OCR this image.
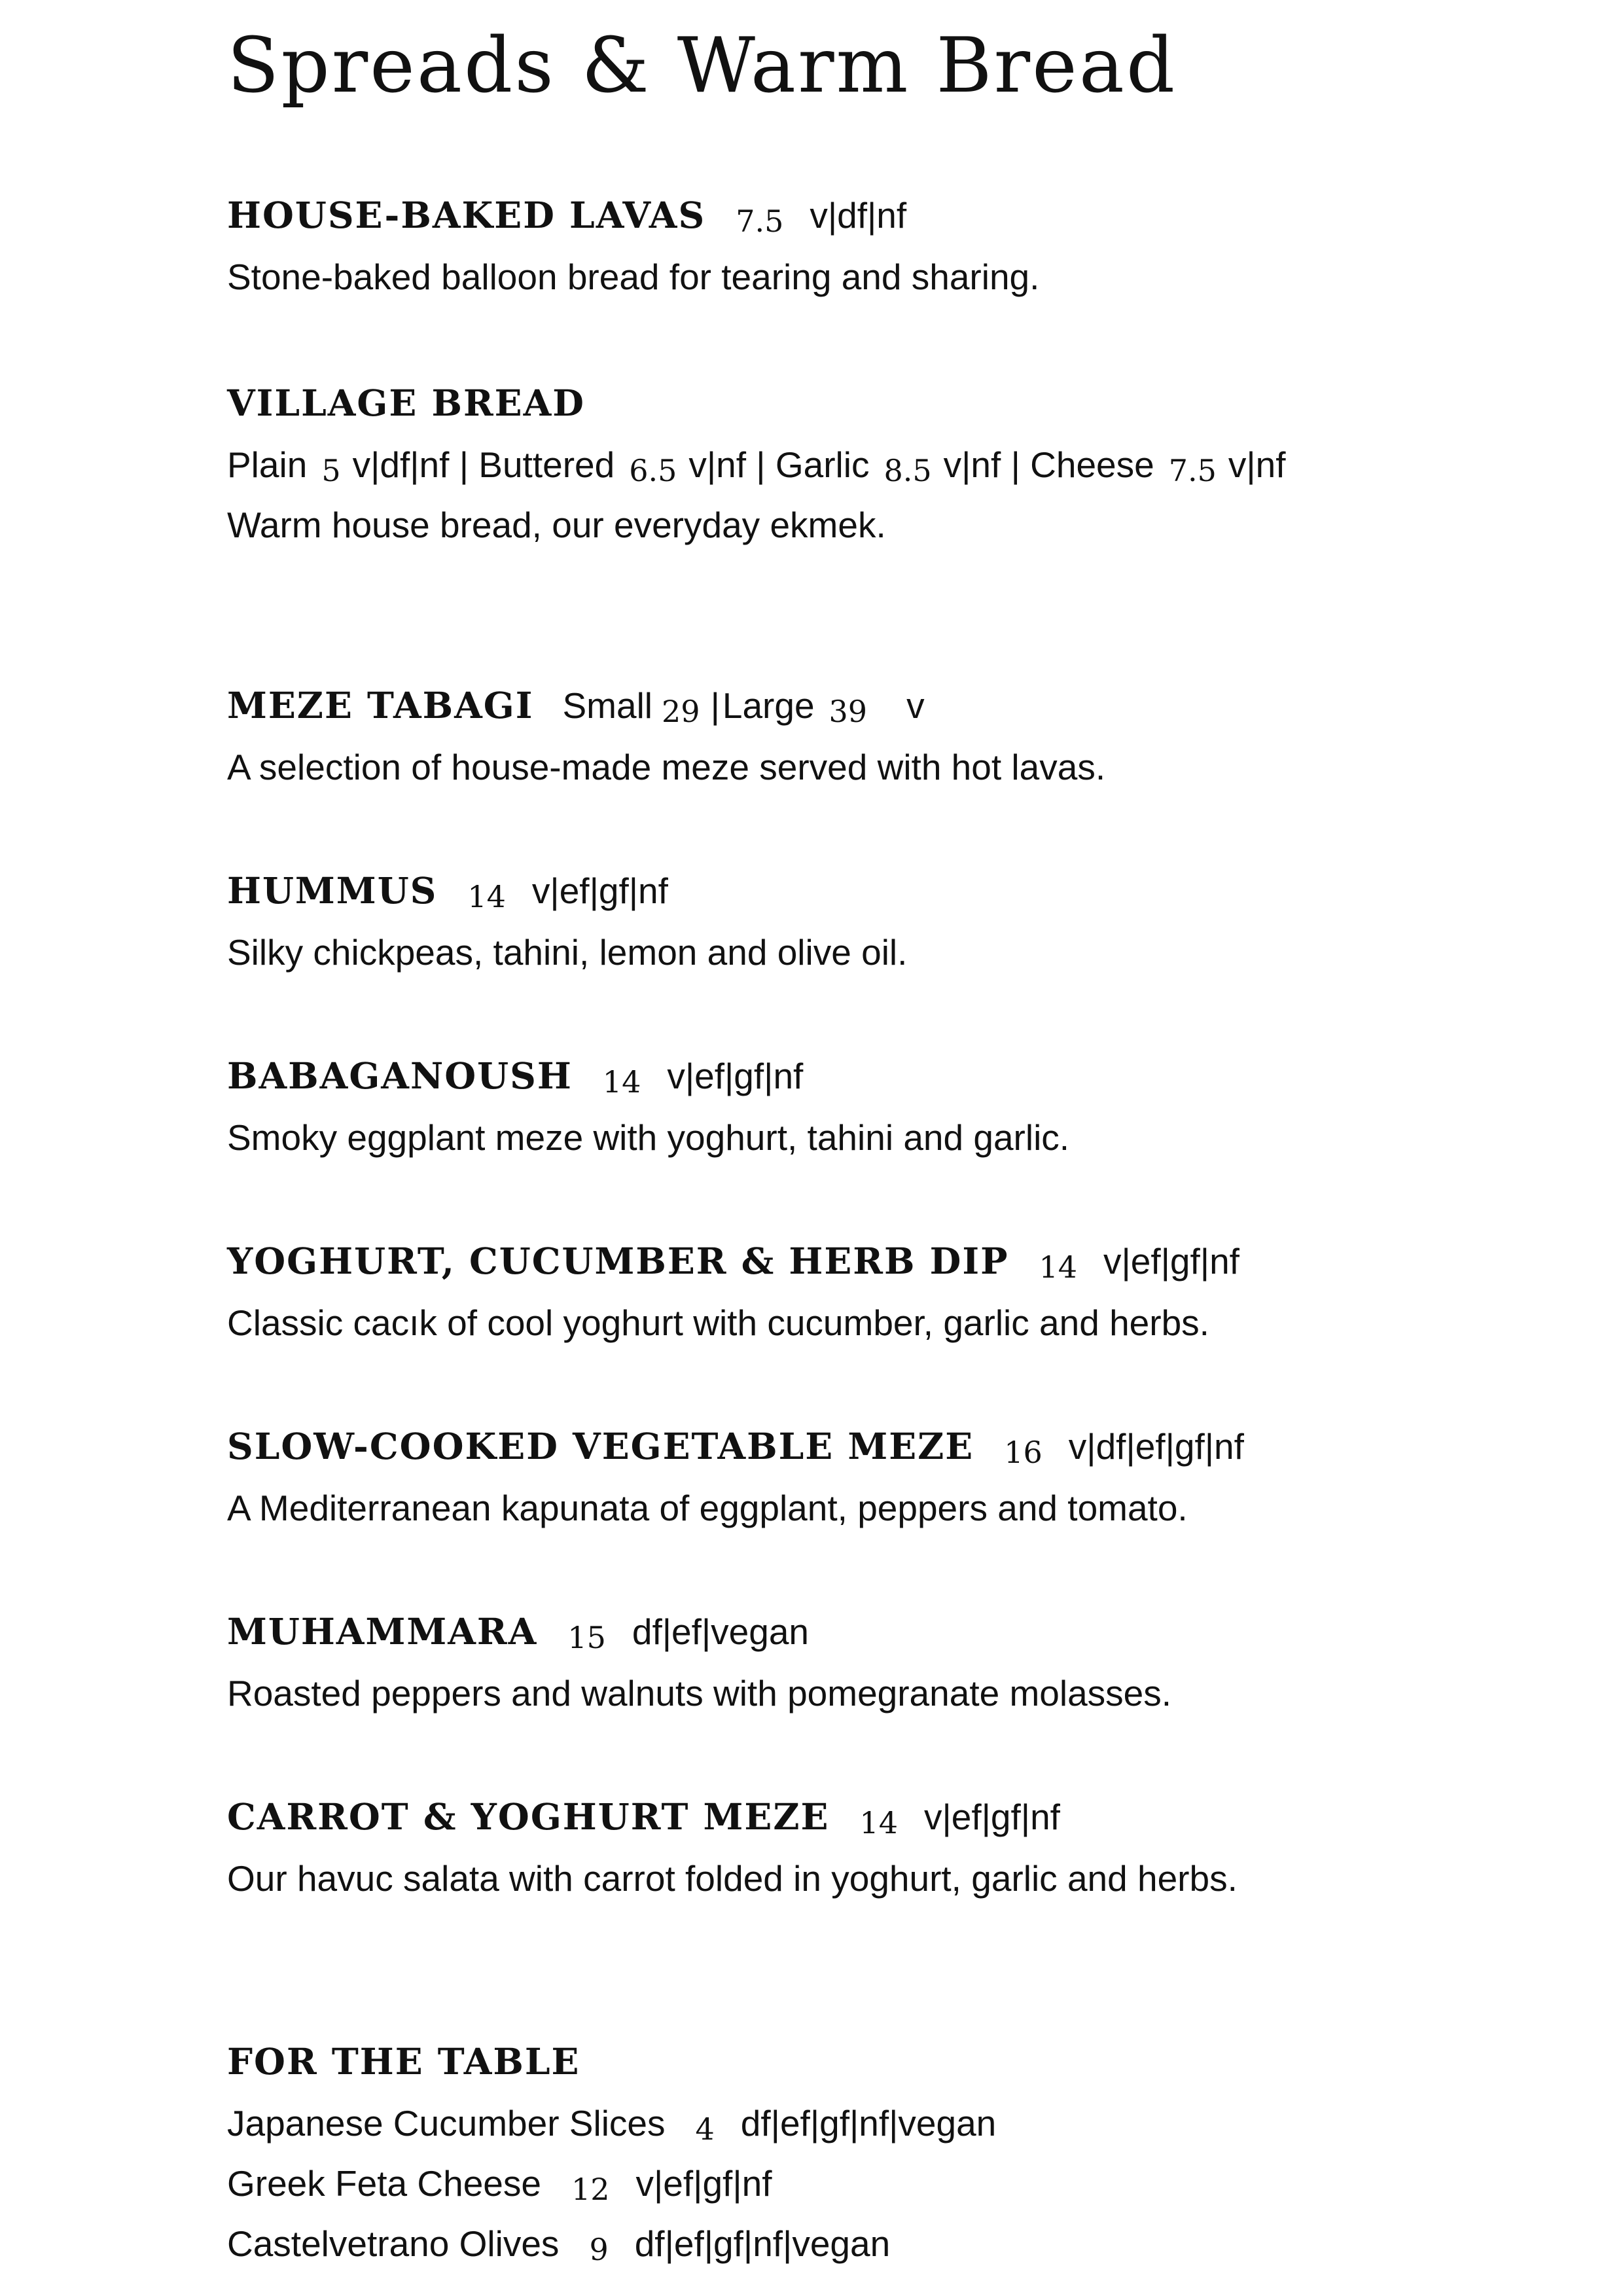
Spreads & Warm Bread
HOUSE-BAKED LAVAS 7.5 v|df|nf
Stone-baked balloon bread for tearing and sharing.
VILLAGE BREAD
Plain 5 v|df|nf | Buttered 6.5 v|nf | Garlic 8.5 v|nf | Cheese 7.5 v|nf
Warm house bread, our everyday ekmek.
MEZE TABAGI Small 29 | Large 39 v
A selection of house-made meze served with hot lavas.
HUMMUS 14 v|ef|gf|nf
Silky chickpeas, tahini, lemon and olive oil.
BABAGANOUSH 14 v|ef|gf|nf
Smoky eggplant meze with yoghurt, tahini and garlic.
YOGHURT, CUCUMBER & HERB DIP 14 v|ef|gf|nf
Classic cacık of cool yoghurt with cucumber, garlic and herbs.
SLOW-COOKED VEGETABLE MEZE 16 v|df|ef|gf|nf
A Mediterranean kapunata of eggplant, peppers and tomato.
MUHAMMARA 15 df|ef|vegan
Roasted peppers and walnuts with pomegranate molasses.
CARROT & YOGHURT MEZE 14 v|ef|gf|nf
Our havuc salata with carrot folded in yoghurt, garlic and herbs.
FOR THE TABLE
Japanese Cucumber Slices 4 df|ef|gf|nf|vegan
Greek Feta Cheese 12 v|ef|gf|nf
Castelvetrano Olives 9 df|ef|gf|nf|vegan
